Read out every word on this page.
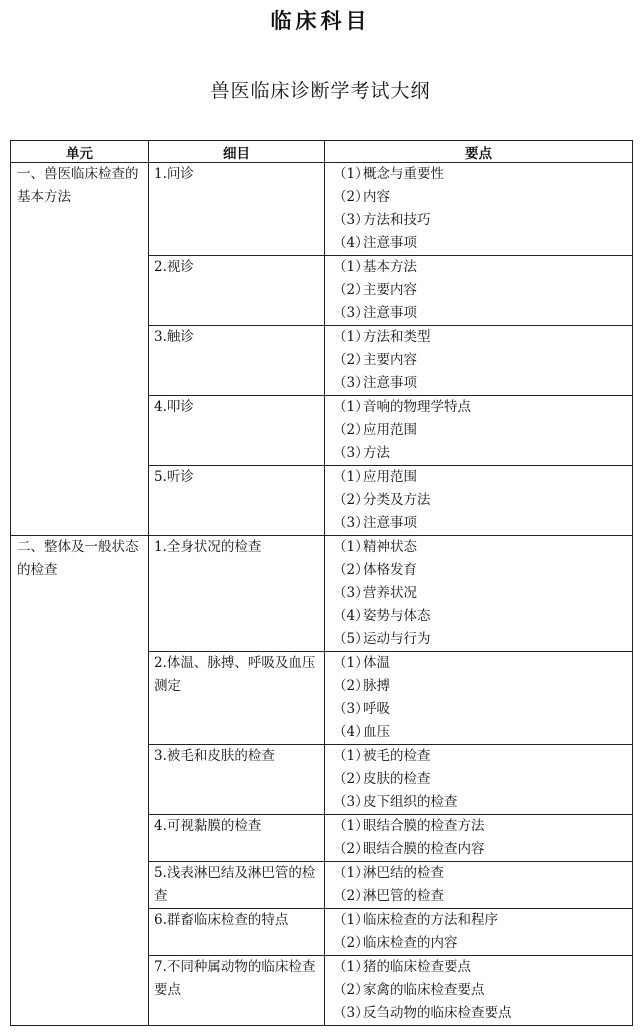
临床科目
兽医临床诊断学考试大纲
单元	细目	要点

一、兽医临床检查的基本方法	1.问诊	（1）概念与重要性
（2）内容
（3）方法和技巧
（4）注意事项

	2.视诊	（1）基本方法
（2）主要内容
（3）注意事项

	3.触诊	（1）方法和类型
（2）主要内容
（3）注意事项

	4.叩诊	（1）音响的物理学特点
（2）应用范围
（3）方法

	5.听诊	（1）应用范围
（2）分类及方法
（3）注意事项

二、整体及一般状态的检查	1.全身状况的检查	（1）精神状态
（2）体格发育
（3）营养状况
（4）姿势与体态
（5）运动与行为

	2.体温、脉搏、呼吸及血压测定	（1）体温
（2）脉搏
（3）呼吸
（4）血压

	3.被毛和皮肤的检查	（1）被毛的检查
（2）皮肤的检查
（3）皮下组织的检查

	4.可视黏膜的检查	（1）眼结合膜的检查方法
（2）眼结合膜的检查内容

	5.浅表淋巴结及淋巴管的检查	（1）淋巴结的检查
（2）淋巴管的检查

	6.群畜临床检查的特点	（1）临床检查的方法和程序
（2）临床检查的内容

	7.不同种属动物的临床检查要点	（1）猪的临床检查要点
（2）家禽的临床检查要点
（3）反刍动物的临床检查要点
